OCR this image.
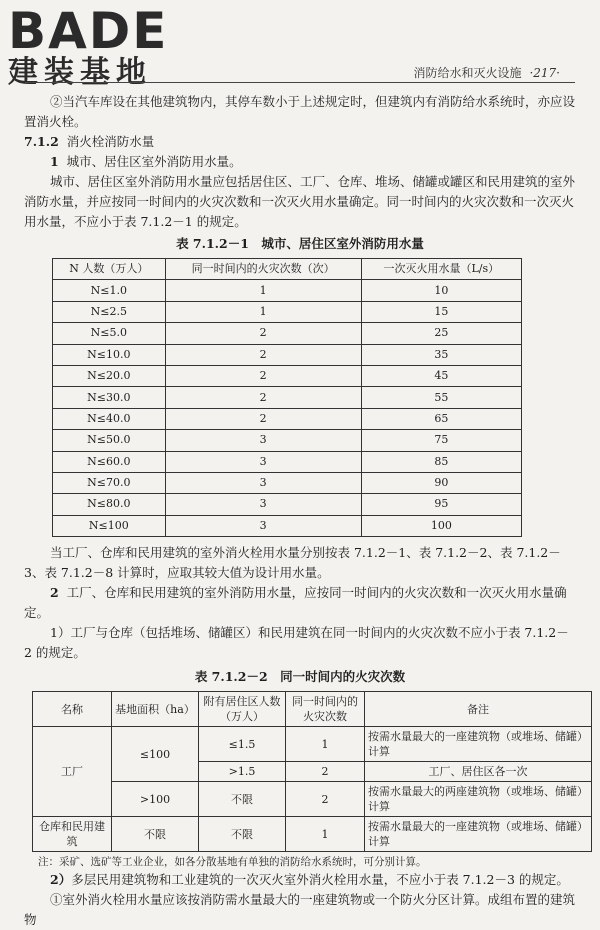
BADE
建装基地	消防给水和灭火设施 ·217·

②当汽车库设在其他建筑物内，其停车数小于上述规定时，但建筑内有消防给水系统时，亦应设置消火栓。

7.1.2 消火栓消防水量

1 城市、居住区室外消防用水量。

城市、居住区室外消防用水量应包括居住区、工厂、仓库、堆场、储罐或罐区和民用建筑的室外消防水量，并应按同一时间内的火灾次数和一次灭火用水量确定。同一时间内的火灾次数和一次灭火用水量，不应小于表 7.1.2－1 的规定。

表 7.1.2－1　城市、居住区室外消防用水量
N 人数（万人）	同一时间内的火灾次数（次）	一次灭火用水量（L/s）
N≤1.0	1	10
N≤2.5	1	15
N≤5.0	2	25
N≤10.0	2	35
N≤20.0	2	45
N≤30.0	2	55
N≤40.0	2	65
N≤50.0	3	75
N≤60.0	3	85
N≤70.0	3	90
N≤80.0	3	95
N≤100	3	100

当工厂、仓库和民用建筑的室外消火栓用水量分别按表 7.1.2－1、表 7.1.2－2、表 7.1.2－3、表 7.1.2－8 计算时，应取其较大值为设计用水量。

2 工厂、仓库和民用建筑的室外消防用水量，应按同一时间内的火灾次数和一次灭火用水量确定。

1）工厂与仓库（包括堆场、储罐区）和民用建筑在同一时间内的火灾次数不应小于表 7.1.2－2 的规定。

表 7.1.2－2　同一时间内的火灾次数
名称	基地面积（ha）	附有居住区人数（万人）	同一时间内的火灾次数	备注
工厂	≤100	≤1.5	1	按需水量最大的一座建筑物（或堆场、储罐）计算
		>1.5	2	工厂、居住区各一次
	>100	不限	2	按需水量最大的两座建筑物（或堆场、储罐）计算
仓库和民用建筑	不限	不限	1	按需水量最大的一座建筑物（或堆场、储罐）计算

注：采矿、选矿等工业企业，如各分散基地有单独的消防给水系统时，可分别计算。

2）多层民用建筑物和工业建筑的一次灭火室外消火栓用水量，不应小于表 7.1.2－3 的规定。

①室外消火栓用水量应该按消防需水量最大的一座建筑物或一个防火分区计算。成组布置的建筑物
